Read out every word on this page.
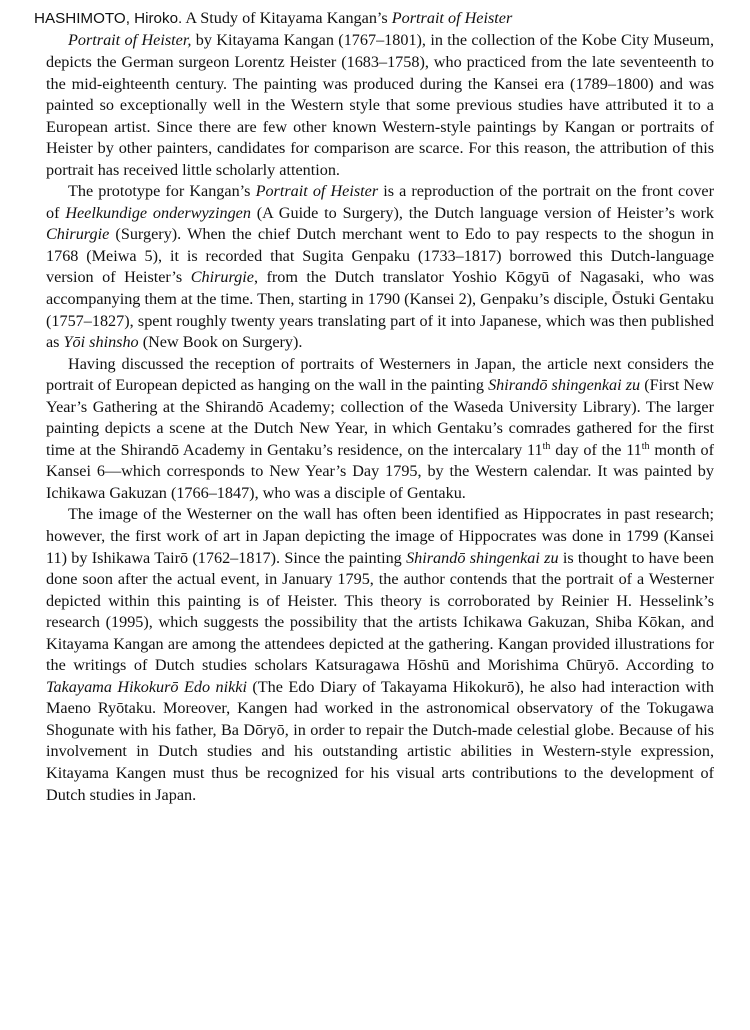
HASHIMOTO, Hiroko. A Study of Kitayama Kangan’s Portrait of Heister

Portrait of Heister, by Kitayama Kangan (1767–1801), in the collection of the Kobe City Museum, depicts the German surgeon Lorentz Heister (1683–1758), who practiced from the late seventeenth to the mid-eighteenth century. The painting was produced during the Kansei era (1789–1800) and was painted so exceptionally well in the Western style that some previous studies have attributed it to a European artist. Since there are few other known Western-style paintings by Kangan or portraits of Heister by other painters, candidates for comparison are scarce. For this reason, the attribution of this portrait has received little scholarly attention.

The prototype for Kangan’s Portrait of Heister is a reproduction of the portrait on the front cover of Heelkundige onderwyzingen (A Guide to Surgery), the Dutch language version of Heister’s work Chirurgie (Surgery). When the chief Dutch merchant went to Edo to pay respects to the shogun in 1768 (Meiwa 5), it is recorded that Sugita Genpaku (1733–1817) borrowed this Dutch-language version of Heister’s Chirurgie, from the Dutch translator Yoshio Kōgyū of Nagasaki, who was accompanying them at the time. Then, starting in 1790 (Kansei 2), Genpaku’s disciple, Ōstuki Gentaku (1757–1827), spent roughly twenty years translating part of it into Japanese, which was then published as Yōi shinsho (New Book on Surgery).

Having discussed the reception of portraits of Westerners in Japan, the article next considers the portrait of European depicted as hanging on the wall in the painting Shirandō shingenkai zu (First New Year’s Gathering at the Shirandō Academy; collection of the Waseda University Library). The larger painting depicts a scene at the Dutch New Year, in which Gentaku’s comrades gathered for the first time at the Shirandō Academy in Gentaku’s residence, on the intercalary 11th day of the 11th month of Kansei 6—which corresponds to New Year’s Day 1795, by the Western calendar. It was painted by Ichikawa Gakuzan (1766–1847), who was a disciple of Gentaku.

The image of the Westerner on the wall has often been identified as Hippocrates in past research; however, the first work of art in Japan depicting the image of Hippocrates was done in 1799 (Kansei 11) by Ishikawa Tairō (1762–1817). Since the painting Shirandō shingenkai zu is thought to have been done soon after the actual event, in January 1795, the author contends that the portrait of a Westerner depicted within this painting is of Heister. This theory is corroborated by Reinier H. Hesselink’s research (1995), which suggests the possibility that the artists Ichikawa Gakuzan, Shiba Kōkan, and Kitayama Kangan are among the attendees depicted at the gathering. Kangan provided illustrations for the writings of Dutch studies scholars Katsuragawa Hōshū and Morishima Chūryō. According to Takayama Hikokurō Edo nikki (The Edo Diary of Takayama Hikokurō), he also had interaction with Maeno Ryōtaku. Moreover, Kangen had worked in the astronomical observatory of the Tokugawa Shogunate with his father, Ba Dōryō, in order to repair the Dutch-made celestial globe. Because of his involvement in Dutch studies and his outstanding artistic abilities in Western-style expression, Kitayama Kangen must thus be recognized for his visual arts contributions to the development of Dutch studies in Japan.
